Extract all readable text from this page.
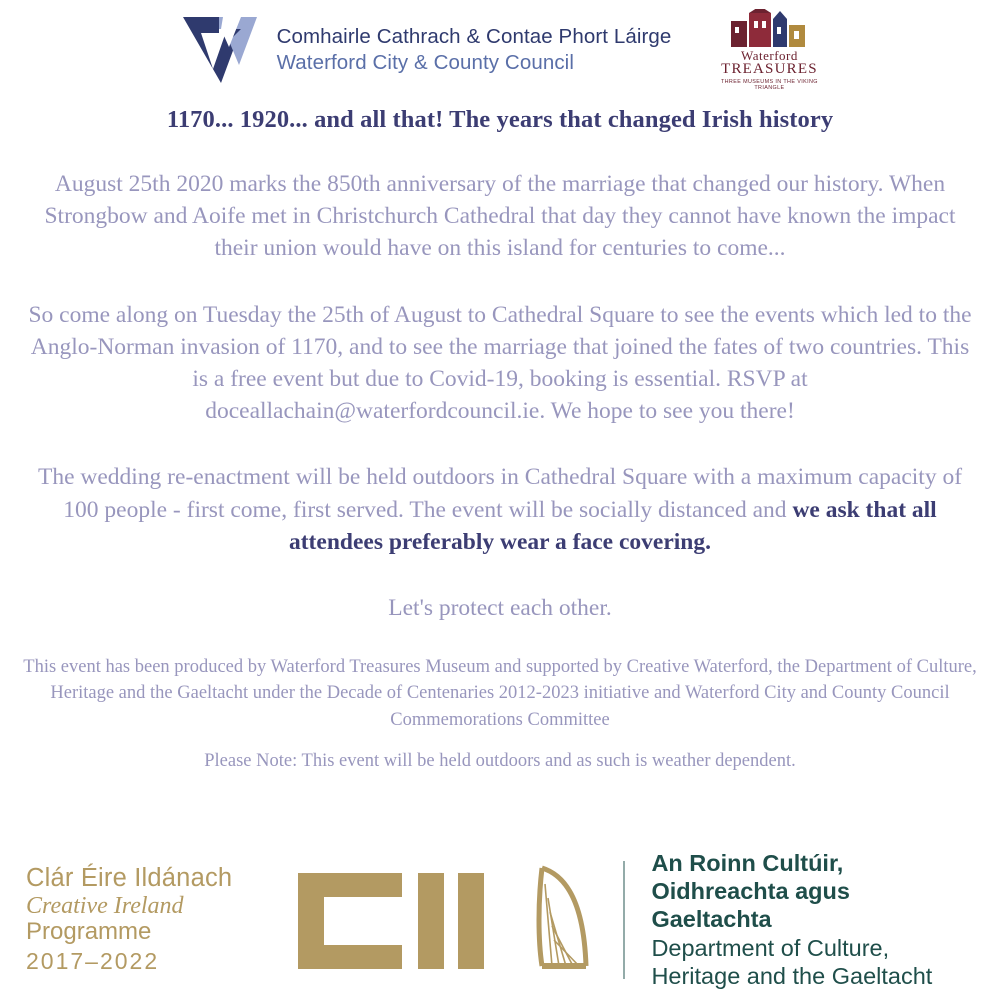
Comhairle Cathrach & Contae Phort Láirge
Waterford City & County Council	Waterford
TREASURES
THREE MUSEUMS IN THE VIKING TRIANGLE
1170... 1920... and all that! The years that changed Irish history
August 25th 2020 marks the 850th anniversary of the marriage that changed our history. When Strongbow and Aoife met in Christchurch Cathedral that day they cannot have known the impact their union would have on this island for centuries to come...
So come along on Tuesday the 25th of August to Cathedral Square to see the events which led to the Anglo-Norman invasion of 1170, and to see the marriage that joined the fates of two countries. This is a free event but due to Covid-19, booking is essential. RSVP at doceallachain@waterfordcouncil.ie. We hope to see you there!
The wedding re-enactment will be held outdoors in Cathedral Square with a maximum capacity of 100 people - first come, first served. The event will be socially distanced and we ask that all attendees preferably wear a face covering.
Let's protect each other.
This event has been produced by Waterford Treasures Museum and supported by Creative Waterford, the Department of Culture, Heritage and the Gaeltacht under the Decade of Centenaries 2012-2023 initiative and Waterford City and County Council Commemorations Committee
Please Note: This event will be held outdoors and as such is weather dependent.
Clár Éire Ildánach
Creative Ireland
Programme
2017–2022
An Roinn Cultúir,
Oidhreachta agus Gaeltachta
Department of Culture,
Heritage and the Gaeltacht
